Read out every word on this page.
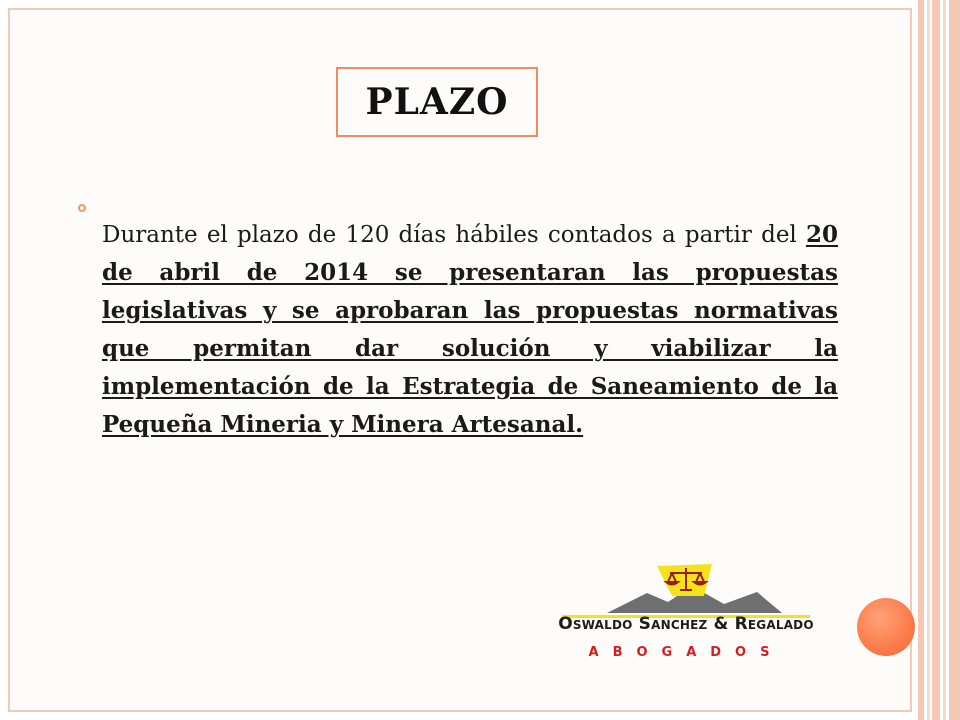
PLAZO

Durante el plazo de 120 días hábiles contados a partir del 20 de abril de 2014 se presentaran las propuestas legislativas y se aprobaran las propuestas normativas que permitan dar solución y viabilizar la implementación de la Estrategia de Saneamiento de la Pequeña Mineria y Minera Artesanal.

Oswaldo Sanchez & Regalado
ABOGADOS
